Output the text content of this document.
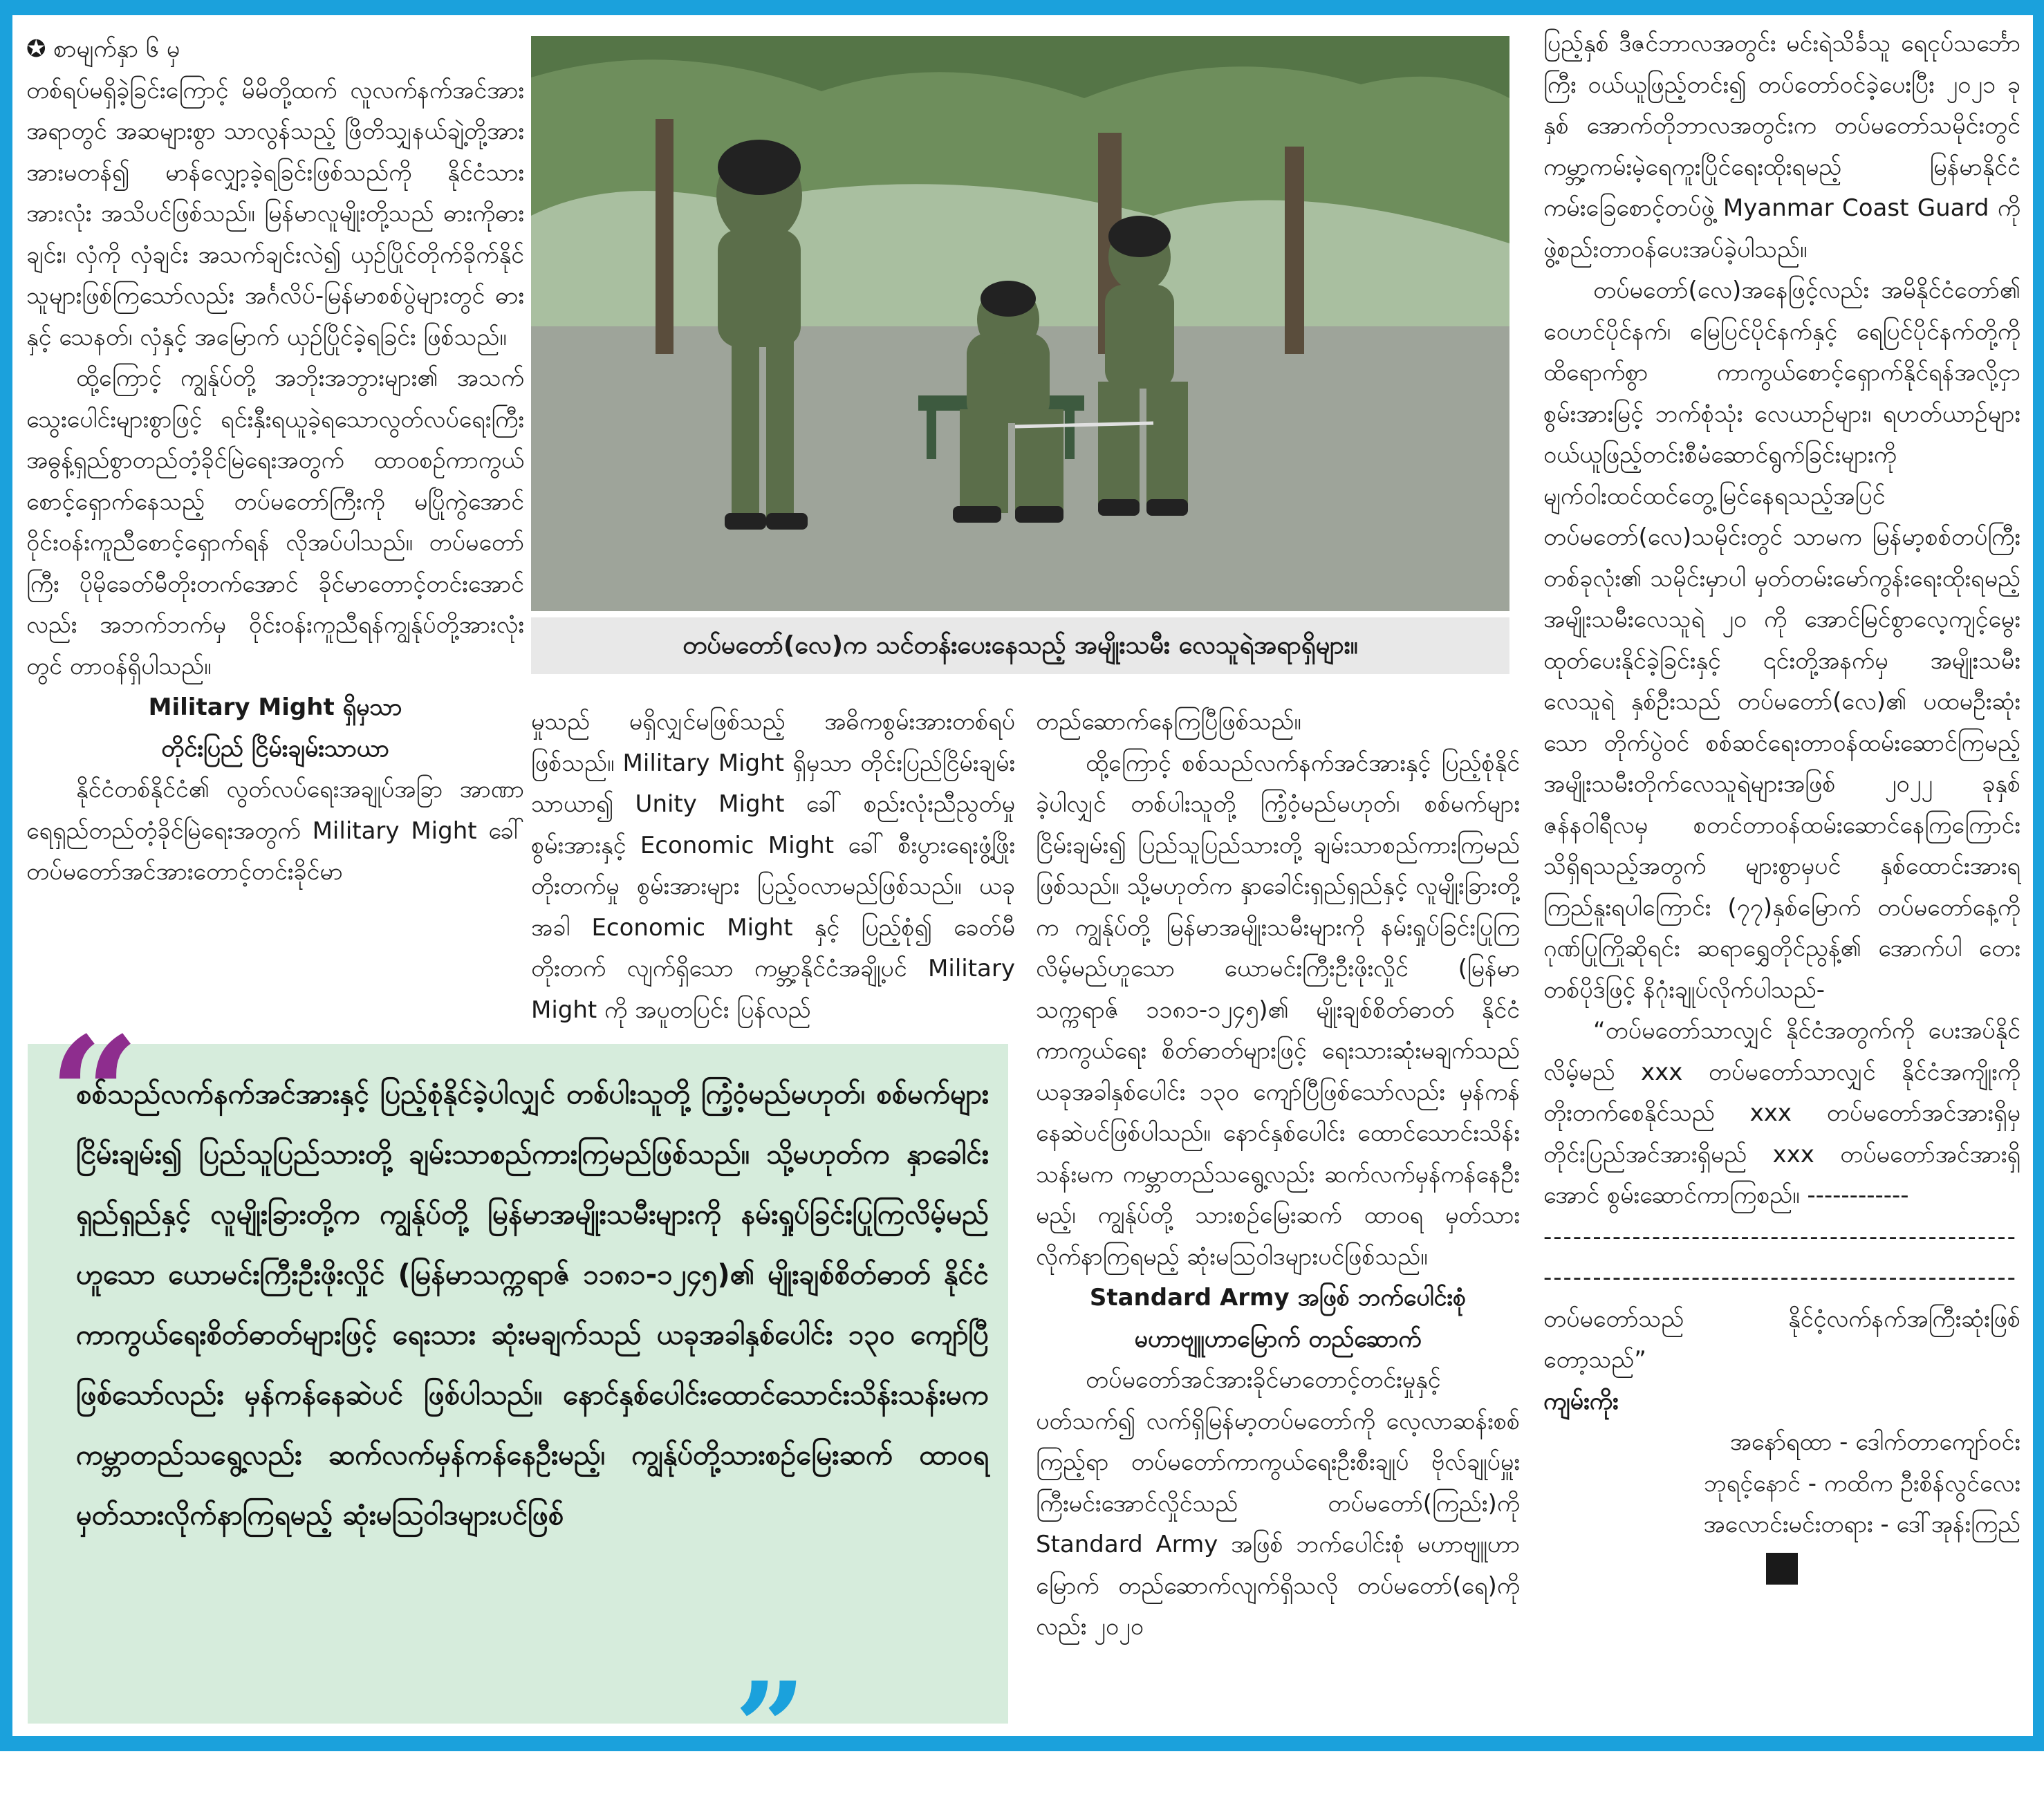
✪ စာမျက်နှာ ၆ မှ

တစ်ရပ်မရှိခဲ့ခြင်းကြောင့် မိမိတို့ထက် လူလက်နက်အင်အားအရာတွင် အဆများစွာ သာလွန်သည့် ဖြိတိသျှနယ်ချဲ့တို့အား အားမတန်၍ မာန်လျှော့ခဲ့ရခြင်းဖြစ်သည်ကို နိုင်ငံသားအားလုံး အသိပင်ဖြစ်သည်။ မြန်မာလူမျိုးတို့သည် ဓားကိုဓားချင်း၊ လှံကို လှံချင်း အသက်ချင်းလဲ၍ ယှဉ်ပြိုင်တိုက်ခိုက်နိုင်သူများဖြစ်ကြသော်လည်း အင်္ဂလိပ်-မြန်မာစစ်ပွဲများတွင် ဓားနှင့် သေနတ်၊ လှံနှင့် အမြောက် ယှဉ်ပြိုင်ခဲ့ရခြင်း ဖြစ်သည်။

ထို့ကြောင့် ကျွန်ုပ်တို့ အဘိုးအဘွားများ၏ အသက်သွေးပေါင်းများစွာဖြင့် ရင်းနှီးရယူခဲ့ရသောလွတ်လပ်ရေးကြီး အဓွန့်ရှည်စွာတည်တံ့ခိုင်မြဲရေးအတွက် ထာဝစဉ်ကာကွယ်စောင့်ရှောက်နေသည့် တပ်မတော်ကြီးကို မပြိုကွဲအောင် ဝိုင်းဝန်းကူညီစောင့်ရှောက်ရန် လိုအပ်ပါသည်။ တပ်မတော်ကြီး ပိုမိုခေတ်မီတိုးတက်အောင် ခိုင်မာတောင့်တင်းအောင်လည်း အဘက်ဘက်မှ ဝိုင်းဝန်းကူညီရန်ကျွန်ုပ်တို့အားလုံးတွင် တာဝန်ရှိပါသည်။

Military Might ရှိမှသာ
တိုင်းပြည် ငြိမ်းချမ်းသာယာ

နိုင်ငံတစ်နိုင်ငံ၏ လွတ်လပ်ရေးအချုပ်အခြာ အာဏာ ရေရှည်တည်တံ့ခိုင်မြဲရေးအတွက် Military Might ခေါ် တပ်မတော်အင်အားတောင့်တင်းခိုင်မာ

တပ်မတော်(လေ)က သင်တန်းပေးနေသည့် အမျိုးသမီး လေသူရဲအရာရှိများ။

မှုသည် မရှိလျှင်မဖြစ်သည့် အဓိကစွမ်းအားတစ်ရပ်ဖြစ်သည်။ Military Might ရှိမှသာ တိုင်းပြည်ငြိမ်းချမ်းသာယာ၍ Unity Might ခေါ် စည်းလုံးညီညွတ်မှုစွမ်းအားနှင့် Economic Might ခေါ် စီးပွားရေးဖွံ့ဖြိုးတိုးတက်မှု စွမ်းအားများ ပြည့်ဝလာမည်ဖြစ်သည်။ ယခုအခါ Economic Might နှင့် ပြည့်စုံ၍ ခေတ်မီတိုးတက် လျက်ရှိသော ကမ္ဘာ့နိုင်ငံအချို့ပင် Military Might ကို အပူတပြင်း ပြန်လည်

တည်ဆောက်နေကြပြီဖြစ်သည်။

ထို့ကြောင့် စစ်သည်လက်နက်အင်အားနှင့် ပြည့်စုံနိုင်ခဲ့ပါလျှင် တစ်ပါးသူတို့ ကြံ့ဝံ့မည်မဟုတ်၊ စစ်မက်များငြိမ်းချမ်း၍ ပြည်သူပြည်သားတို့ ချမ်းသာစည်ကားကြမည်ဖြစ်သည်။ သို့မဟုတ်က နှာခေါင်းရှည်ရှည်နှင့် လူမျိုးခြားတို့က ကျွန်ုပ်တို့ မြန်မာအမျိုးသမီးများကို နမ်းရှုပ်ခြင်းပြုကြလိမ့်မည်ဟူသော ယောမင်းကြီးဦးဖိုးလှိုင် (မြန်မာ သက္ကရာဇ် ၁၁၈၁-၁၂၄၅)၏ မျိုးချစ်စိတ်ဓာတ် နိုင်ငံကာကွယ်ရေး စိတ်ဓာတ်များဖြင့် ရေးသားဆုံးမချက်သည် ယခုအခါနှစ်ပေါင်း ၁၃၀ ကျော်ပြီဖြစ်သော်လည်း မှန်ကန်နေဆဲပင်ဖြစ်ပါသည်။ နောင်နှစ်ပေါင်း ထောင်သောင်းသိန်းသန်းမက ကမ္ဘာတည်သရွေ့လည်း ဆက်လက်မှန်ကန်နေဦးမည့်၊ ကျွန်ုပ်တို့ သားစဉ်မြေးဆက် ထာဝရ မှတ်သားလိုက်နာကြရမည့် ဆုံးမဩဝါဒများပင်ဖြစ်သည်။

Standard Army အဖြစ် ဘက်ပေါင်းစုံ
မဟာဗျူဟာမြောက် တည်ဆောက်

တပ်မတော်အင်အားခိုင်မာတောင့်တင်းမှုနှင့် ပတ်သက်၍ လက်ရှိမြန်မာ့တပ်မတော်ကို လေ့လာဆန်းစစ်ကြည့်ရာ တပ်မတော်ကာကွယ်ရေးဦးစီးချုပ် ဗိုလ်ချုပ်မှူးကြီးမင်းအောင်လှိုင်သည် တပ်မတော်(ကြည်း)ကို Standard Army အဖြစ် ဘက်ပေါင်းစုံ မဟာဗျူဟာမြောက် တည်ဆောက်လျက်ရှိသလို တပ်မတော်(ရေ)ကိုလည်း ၂၀၂၀

ပြည့်နှစ် ဒီဇင်ဘာလအတွင်း မင်းရဲသိင်္ခသူ ရေငုပ်သင်္ဘောကြီး ဝယ်ယူဖြည့်တင်း၍ တပ်တော်ဝင်ခဲ့ပေးပြီး ၂၀၂၁ ခုနှစ် အောက်တိုဘာလအတွင်းက တပ်မတော်သမိုင်းတွင် ကမ္ဘာ့ကမ်းမဲ့ရေကူးပြိုင်ရေးထိုးရမည့် မြန်မာနိုင်ငံ ကမ်းခြေစောင့်တပ်ဖွဲ့ Myanmar Coast Guard ကို ဖွဲ့စည်းတာဝန်ပေးအပ်ခဲ့ပါသည်။

တပ်မတော်(လေ)အနေဖြင့်လည်း အမိနိုင်ငံတော်၏ ဝေဟင်ပိုင်နက်၊ မြေပြင်ပိုင်နက်နှင့် ရေပြင်ပိုင်နက်တို့ကို ထိရောက်စွာ ကာကွယ်စောင့်ရှောက်နိုင်ရန်အလို့ငှာ စွမ်းအားမြင့် ဘက်စုံသုံး လေယာဉ်များ၊ ရဟတ်ယာဉ်များ ဝယ်ယူဖြည့်တင်းစီမံဆောင်ရွက်ခြင်းများကို မျက်ဝါးထင်ထင်တွေ့မြင်နေရသည့်အပြင် တပ်မတော်(လေ)သမိုင်းတွင် သာမက မြန်မာ့စစ်တပ်ကြီးတစ်ခုလုံး၏ သမိုင်းမှာပါ မှတ်တမ်းမော်ကွန်းရေးထိုးရမည့် အမျိုးသမီးလေသူရဲ ၂၀ ကို အောင်မြင်စွာလေ့ကျင့်မွေးထုတ်ပေးနိုင်ခဲ့ခြင်းနှင့် ၎င်းတို့အနက်မှ အမျိုးသမီးလေသူရဲ နှစ်ဦးသည် တပ်မတော်(လေ)၏ ပထမဦးဆုံးသော တိုက်ပွဲဝင် စစ်ဆင်ရေးတာဝန်ထမ်းဆောင်ကြမည့် အမျိုးသမီးတိုက်လေသူရဲများအဖြစ် ၂၀၂၂ ခုနှစ် ဇန်နဝါရီလမှ စတင်တာဝန်ထမ်းဆောင်နေကြကြောင်း သိရှိရသည့်အတွက် များစွာမှပင် နှစ်ထောင်းအားရကြည်နူးရပါကြောင်း (၇၇)နှစ်မြောက် တပ်မတော်နေ့ကိုဂုဏ်ပြုကြိုဆိုရင်း ဆရာရွှေတိုင်ညွန့်၏ အောက်ပါ တေးတစ်ပိုဒ်ဖြင့် နိဂုံးချုပ်လိုက်ပါသည်-

“တပ်မတော်သာလျှင် နိုင်ငံအတွက်ကို ပေးအပ်နိုင်လိမ့်မည် xxx တပ်မတော်သာလျှင် နိုင်ငံအကျိုးကိုတိုးတက်စေနိုင်သည် xxx တပ်မတော်အင်အားရှိမှ တိုင်းပြည်အင်အားရှိမည် xxx တပ်မတော်အင်အားရှိအောင် စွမ်းဆောင်ကာကြစည်။ ------------

------------------------------------------------

------------------------------------------------

တပ်မတော်သည် နိုင်ငံ့လက်နက်အကြီးဆုံးဖြစ်တော့သည်”

ကျမ်းကိုး

အနော်ရထာ - ဒေါက်တာကျော်ဝင်း
ဘုရင့်နောင် - ကထိက ဦးစိန်လွင်လေး
အလောင်းမင်းတရား - ဒေါ်အုန်းကြည်
“
စစ်သည်လက်နက်အင်အားနှင့် ပြည့်စုံနိုင်ခဲ့ပါလျှင် တစ်ပါးသူတို့ ကြံ့ဝံ့မည်မဟုတ်၊ စစ်မက်များငြိမ်းချမ်း၍ ပြည်သူပြည်သားတို့ ချမ်းသာစည်ကားကြမည်ဖြစ်သည်။ သို့မဟုတ်က နှာခေါင်းရှည်ရှည်နှင့် လူမျိုးခြားတို့က ကျွန်ုပ်တို့ မြန်မာအမျိုးသမီးများကို နမ်းရှုပ်ခြင်းပြုကြလိမ့်မည်ဟူသော ယောမင်းကြီးဦးဖိုးလှိုင် (မြန်မာသက္ကရာဇ် ၁၁၈၁-၁၂၄၅)၏ မျိုးချစ်စိတ်ဓာတ် နိုင်ငံကာကွယ်ရေးစိတ်ဓာတ်များဖြင့် ရေးသား ဆုံးမချက်သည် ယခုအခါနှစ်ပေါင်း ၁၃၀ ကျော်ပြီဖြစ်သော်လည်း မှန်ကန်နေဆဲပင် ဖြစ်ပါသည်။ နောင်နှစ်ပေါင်းထောင်သောင်းသိန်းသန်းမက ကမ္ဘာတည်သရွေ့လည်း ဆက်လက်မှန်ကန်နေဦးမည့်၊ ကျွန်ုပ်တို့သားစဉ်မြေးဆက် ထာဝရမှတ်သားလိုက်နာကြရမည့် ဆုံးမဩဝါဒများပင်ဖြစ်
”
